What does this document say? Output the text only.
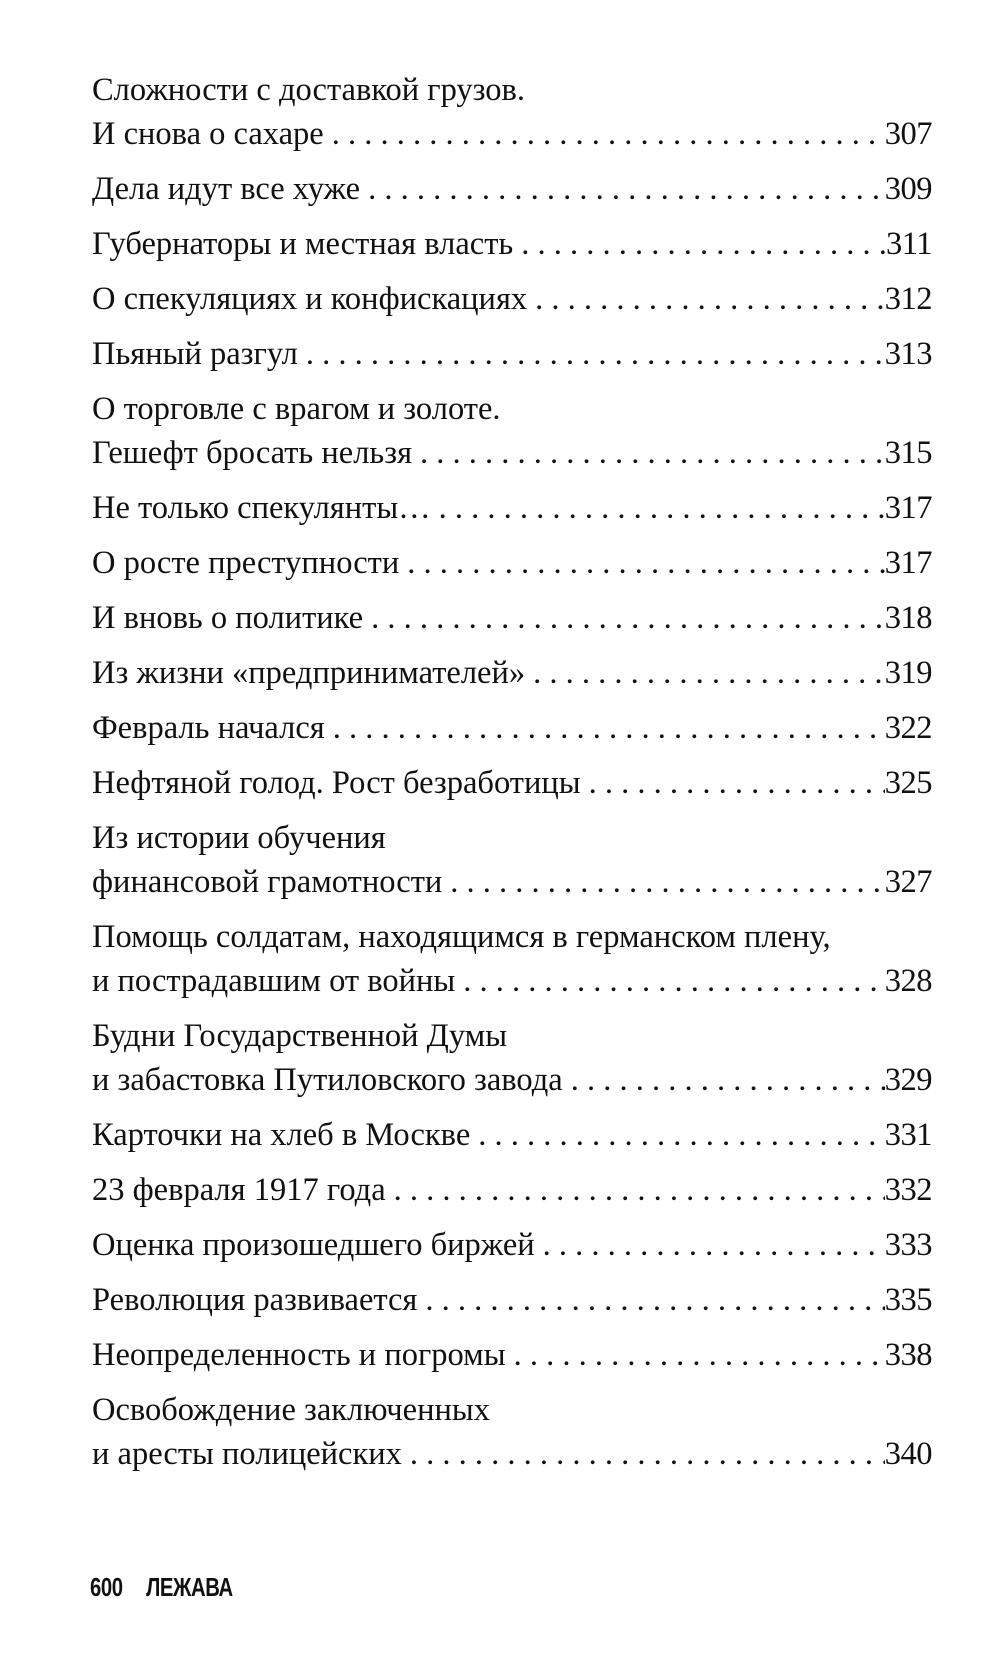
Сложности с доставкой грузов.
И снова о сахаре . . .	307
Дела идут все хуже . . .	309
Губернаторы и местная власть . . .	311
О спекуляциях и конфискациях . . .	312
Пьяный разгул . . .	313
О торговле с врагом и золоте.
Гешефт бросать нельзя . . .	315
Не только спекулянты… . . .	317
О росте преступности . . .	317
И вновь о политике . . .	318
Из жизни «предпринимателей» . . .	319
Февраль начался . . .	322
Нефтяной голод. Рост безработицы . . .	325
Из истории обучения
финансовой грамотности . . .	327
Помощь солдатам, находящимся в германском плену,
и пострадавшим от войны . . .	328
Будни Государственной Думы
и забастовка Путиловского завода . . .	329
Карточки на хлеб в Москве . . .	331
23 февраля 1917 года . . .	332
Оценка произошедшего биржей . . .	333
Революция развивается . . .	335
Неопределенность и погромы . . .	338
Освобождение заключенных
и аресты полицейских . . .	340
600 ЛЕЖАВА
